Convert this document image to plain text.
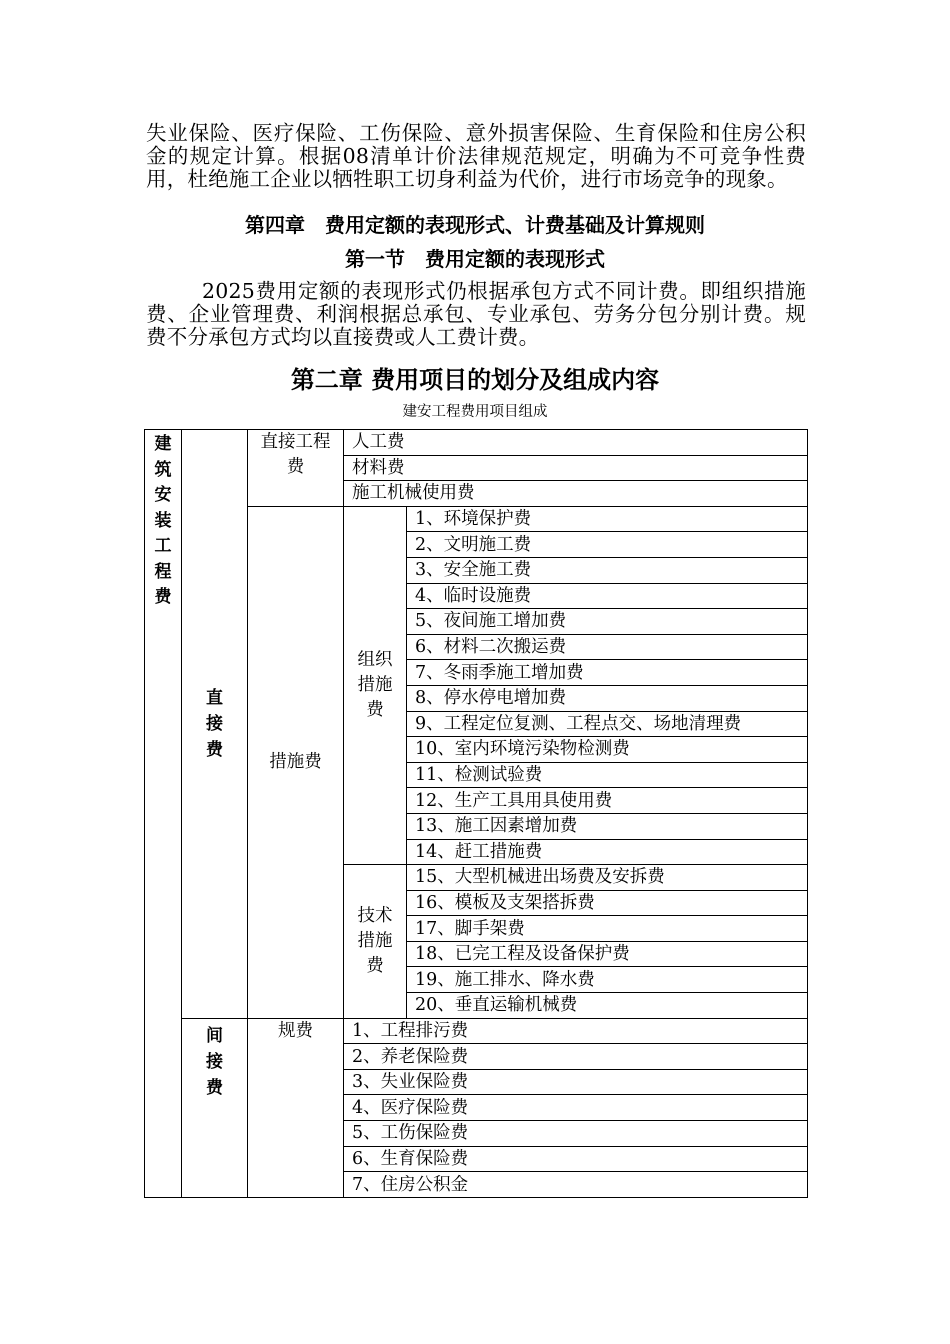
失业保险、医疗保险、工伤保险、意外损害保险、生育保险和住房公积金的规定计算。根据08清单计价法律规范规定，明确为不可竞争性费用，杜绝施工企业以牺牲职工切身利益为代价，进行市场竞争的现象。

第四章　费用定额的表现形式、计费基础及计算规则
第一节　费用定额的表现形式

2025费用定额的表现形式仍根据承包方式不同计费。即组织措施费、企业管理费、利润根据总承包、专业承包、劳务分包分别计费。规费不分承包方式均以直接费或人工费计费。

第二章 费用项目的划分及组成内容
建安工程费用项目组成
建筑安装工程费	直接费	直接工程费	人工费	
			材料费	
			施工机械使用费	

		措施费	组织措施费	1、环境保护费
				2、文明施工费
				3、安全施工费
				4、临时设施费
				5、夜间施工增加费
				6、材料二次搬运费
				7、冬雨季施工增加费
				8、停水停电增加费
				9、工程定位复测、工程点交、场地清理费
				10、室内环境污染物检测费
				11、检测试验费
				12、生产工具用具使用费
				13、施工因素增加费
				14、赶工措施费

			技术措施费	15、大型机械进出场费及安拆费
				16、模板及支架搭拆费
				17、脚手架费
				18、已完工程及设备保护费
				19、施工排水、降水费
				20、垂直运输机械费

	间接费	规费	1、工程排污费	
			2、养老保险费	
			3、失业保险费	
			4、医疗保险费	
			5、工伤保险费	
			6、生育保险费	
			7、住房公积金	
